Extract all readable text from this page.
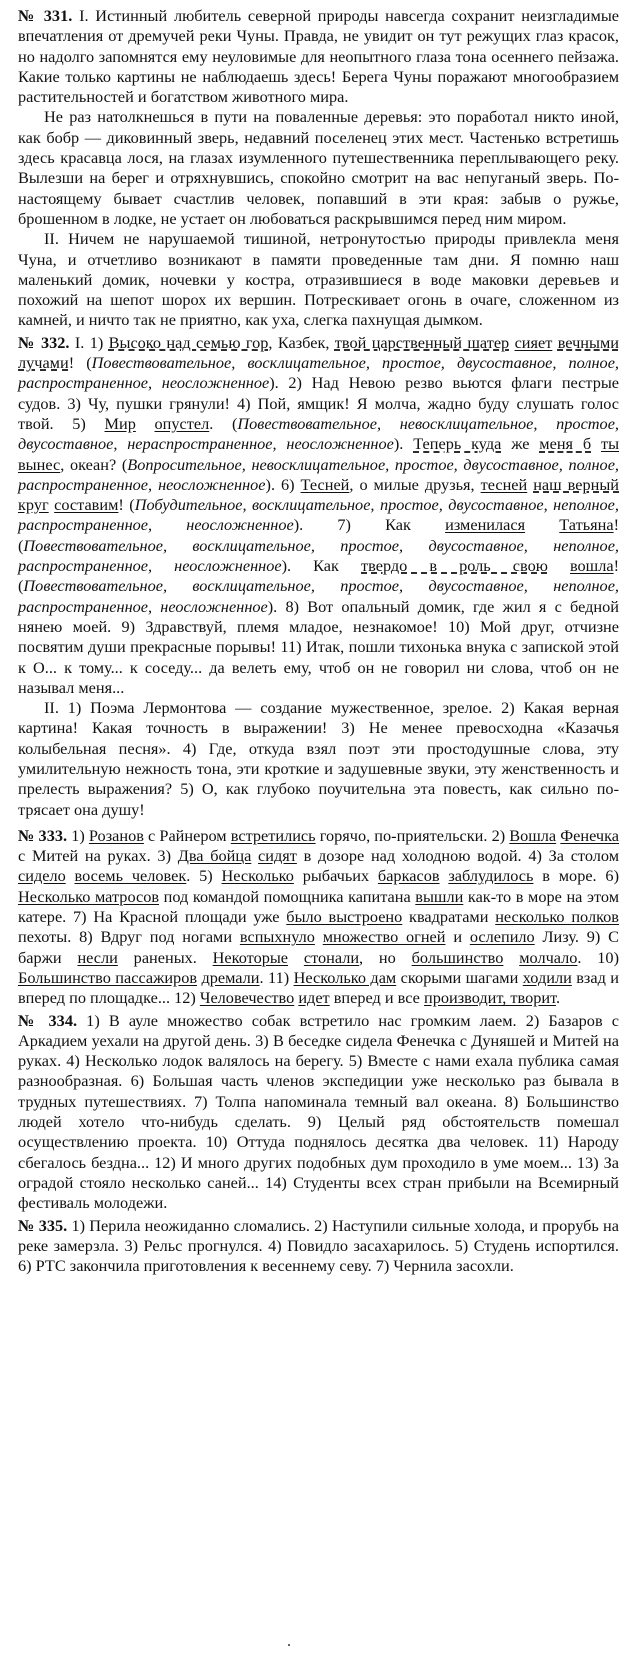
№ 331. I. Истинный любитель северной природы навсегда сохранит неизгладимые впечатления от дремучей реки Чуны. Правда, не увидит он тут режущих глаз красок, но надолго запомнятся ему неуловимые для неопытного глаза тона осеннего пейзажа. Какие только картины не наблюдаешь здесь! Берега Чуны поражают многообразием растительностей и богатством животного мира.

Не раз натолкнешься в пути на поваленные деревья: это поработал никто иной, как бобр — диковинный зверь, недавний поселенец этих мест. Частенько встретишь здесь красавца лося, на глазах изумленного путешественника переплывающего реку. Вылезши на берег и отряхнувшись, спокойно смотрит на вас непуганый зверь. По-настоящему бывает счастлив человек, попавший в эти края: забыв о ружье, брошенном в лодке, не устает он любоваться раскрывшимся перед ним миром.

II. Ничем не нарушаемой тишиной, нетронутостью природы привлекла меня Чуна, и отчетливо возникают в памяти проведенные там дни. Я помню наш маленький домик, ночевки у костра, отразившиеся в воде маковки деревьев и похожий на шепот шорох их вершин. Потрескивает огонь в очаге, сложенном из камней, и ничто так не приятно, как уха, слегка пахнущая дымком.

№ 332. I. 1) Высоко над семью гор, Казбек, твой царственный шатер сияет вечными лучами! (Повествовательное, восклицательное, простое, двусоставное, полное, распространенное, неосложненное). 2) Над Невою резво вьются флаги пестрые судов. 3) Чу, пушки грянули! 4) Пой, ямщик! Я молча, жадно буду слушать голос твой. 5) Мир опустел. (Повествовательное, невосклицательное, простое, двусоставное, нераспространенное, неосложненное). Теперь куда же меня б ты вынес, океан? (Вопросительное, невосклицательное, простое, двусоставное, полное, распространенное, неосложненное). 6) Тесней, о милые друзья, тесней наш верный круг составим! (Побудительное, восклицательное, простое, двусоставное, неполное, распространенное, неосложненное). 7) Как изменилася Татьяна! (Повествовательное, восклицательное, простое, двусоставное, неполное, распространенное, неосложненное). Как твердо в роль свою вошла! (Повествовательное, восклицательное, простое, двусоставное, неполное, распространенное, неосложненное). 8) Вот опальный домик, где жил я с бедной нянею моей. 9) Здравствуй, племя младое, незнакомое! 10) Мой друг, отчизне посвятим души прекрасные порывы! 11) Итак, пошли тихонька внука с запиской этой к О... к тому... к соседу... да велеть ему, чтоб он не говорил ни слова, чтоб он не называл меня...

II. 1) Поэма Лермонтова — создание мужественное, зрелое. 2) Какая верная картина! Какая точность в выражении! 3) Не менее превосходна «Казачья колыбельная песня». 4) Где, откуда взял поэт эти простодушные слова, эту умилительную нежность тона, эти кроткие и задушевные звуки, эту женственность и прелесть выражения? 5) О, как глубоко поучительна эта повесть, как сильно потрясает она душу!

№ 333. 1) Розанов с Райнером встретились горячо, по-приятельски. 2) Вошла Фенечка с Митей на руках. 3) Два бойца сидят в дозоре над холодною водой. 4) За столом сидело восемь человек. 5) Несколько рыбачьих баркасов заблудилось в море. 6) Несколько матросов под командой помощника капитана вышли как-то в море на этом катере. 7) На Красной площади уже было выстроено квадратами несколько полков пехоты. 8) Вдруг под ногами вспыхнуло множество огней и ослепило Лизу. 9) С баржи несли раненых. Некоторые стонали, но большинство молчало. 10) Большинство пассажиров дремали. 11) Несколько дам скорыми шагами ходили взад и вперед по площадке... 12) Человечество идет вперед и все производит, творит.

№ 334. 1) В ауле множество собак встретило нас громким лаем. 2) Базаров с Аркадием уехали на другой день. 3) В беседке сидела Фенечка с Дуняшей и Митей на руках. 4) Несколько лодок валялось на берегу. 5) Вместе с нами ехала публика самая разнообразная. 6) Большая часть членов экспедиции уже несколько раз бывала в трудных путешествиях. 7) Толпа напоминала темный вал океана. 8) Большинство людей хотело что-нибудь сделать. 9) Целый ряд обстоятельств помешал осуществлению проекта. 10) Оттуда поднялось десятка два человек. 11) Народу сбегалось бездна... 12) И много других подобных дум проходило в уме моем... 13) За оградой стояло несколько саней... 14) Студенты всех стран прибыли на Всемирный фестиваль молодежи.

№ 335. 1) Перила неожиданно сломались. 2) Наступили сильные холода, и прорубь на реке замерзла. 3) Рельс прогнулся. 4) Повидло засахарилось. 5) Студень испортился. 6) РТС закончила приготовления к весеннему севу. 7) Чернила засохли.
